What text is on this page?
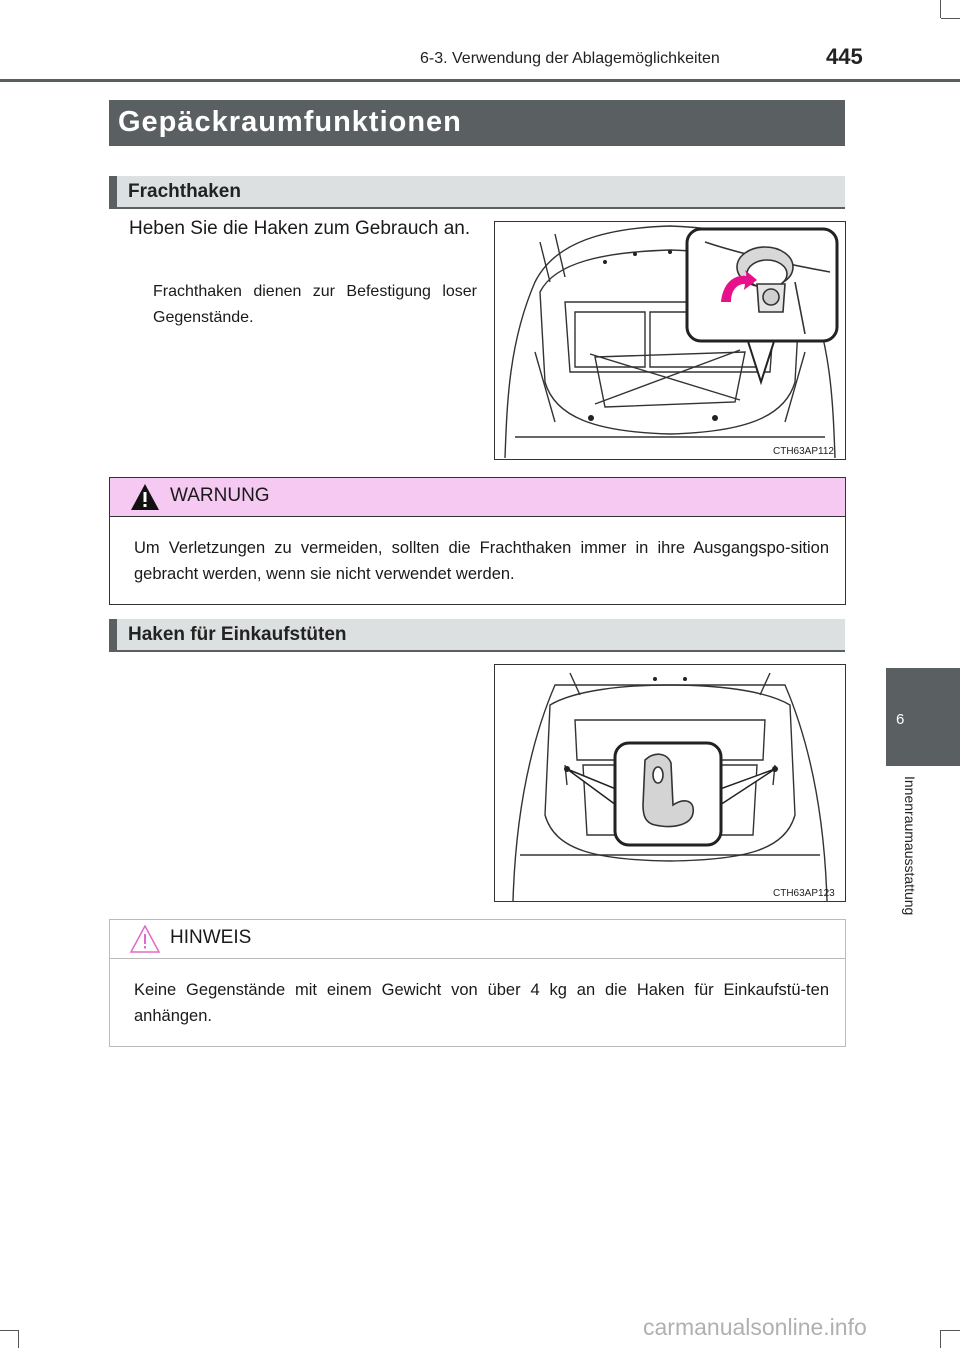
6-3. Verwendung der Ablagemöglichkeiten	445
Gepäckraumfunktionen
Frachthaken
Heben Sie die Haken zum Gebrauch an.
Frachthaken dienen zur Befestigung loser Gegenstände.
CTH63AP112
WARNUNG
Um Verletzungen zu vermeiden, sollten die Frachthaken immer in ihre Ausgangspo-sition gebracht werden, wenn sie nicht verwendet werden.
Haken für Einkaufstüten
CTH63AP123
HINWEIS
Keine Gegenstände mit einem Gewicht von über 4 kg an die Haken für Einkaufstü-ten anhängen.
6
Innenraumausstattung
carmanualsonline.info
